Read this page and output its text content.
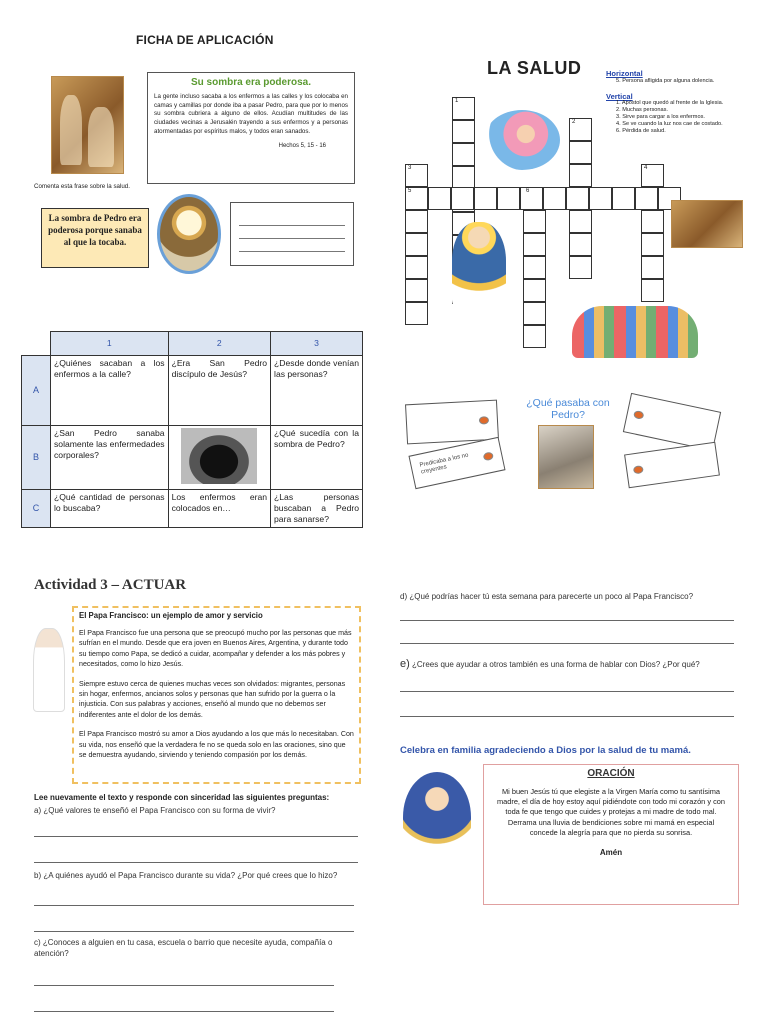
FICHA DE APLICACIÓN
Su sombra era poderosa.
La gente incluso sacaba a los enfermos a las calles y los colocaba en camas y camillas por donde iba a pasar Pedro, para que por lo menos su sombra cubriera a alguno de ellos. Acudían multitudes de las ciudades vecinas a Jerusalén trayendo a sus enfermos y a personas atormentadas por espíritus malos, y todos eran sanados.
Hechos 5, 15 - 16
Comenta esta frase sobre la salud.
La sombra de Pedro era poderosa porque sanaba al que la tocaba.
	1	2	3
A	¿Quiénes sacaban a los enfermos a la calle?	¿Era San Pedro discípulo de Jesús?	¿Desde donde venían las personas?
B	¿San Pedro sanaba solamente las enfermedades corporales?		¿Qué sucedía con la sombra de Pedro?
C	¿Qué cantidad de personas lo buscaba?	Los enfermos eran colocados en…	¿Las personas buscaban a Pedro para sanarse?
LA SALUD	Horizontal
5. Persona afligida por alguna dolencia.
Vertical
1. Apóstol que quedó al frente de la Iglesia.
2. Muchas personas.
3. Sirve para cargar a los enfermos.
4. Se ve cuando la luz nos cae de costado.
6. Pérdida de salud.
1
2
3	4
5	6
Predicaba a los no creyentes
¿Qué pasaba con Pedro?
Actividad 3 – ACTUAR
El Papa Francisco: un ejemplo de amor y servicio

El Papa Francisco fue una persona que se preocupó mucho por las personas que más sufrían en el mundo. Desde que era joven en Buenos Aires, Argentina, y durante todo su tiempo como Papa, se dedicó a cuidar, acompañar y defender a los más pobres y necesitados, como lo hizo Jesús.

Siempre estuvo cerca de quienes muchas veces son olvidados: migrantes, personas sin hogar, enfermos, ancianos solos y personas que han sufrido por la guerra o la injusticia. Con sus palabras y acciones, enseñó al mundo que no debemos ser indiferentes ante el dolor de los demás.

El Papa Francisco mostró su amor a Dios ayudando a los que más lo necesitaban. Con su vida, nos enseñó que la verdadera fe no se queda solo en las oraciones, sino que se demuestra ayudando, sirviendo y teniendo compasión por los demás.

Lee nuevamente el texto y responde con sinceridad las siguientes preguntas:
a) ¿Qué valores te enseñó el Papa Francisco con su forma de vivir?
b) ¿A quiénes ayudó el Papa Francisco durante su vida? ¿Por qué crees que lo hizo?
c) ¿Conoces a alguien en tu casa, escuela o barrio que necesite ayuda, compañía o atención?
d) ¿Qué podrías hacer tú esta semana para parecerte un poco al Papa Francisco?
e) ¿Crees que ayudar a otros también es una forma de hablar con Dios? ¿Por qué?
Celebra en familia agradeciendo a Dios por la salud de tu mamá.
ORACIÓN
Mi buen Jesús tú que elegiste a la Virgen María como tu santísima madre, el día de hoy estoy aquí pidiéndote con todo mi corazón y con toda fe que tengo que cuides y protejas a mi madre de todo mal.
Derrama una lluvia de bendiciones sobre mi mamá en especial concede la alegría para que no pierda su sonrisa.
Amén
